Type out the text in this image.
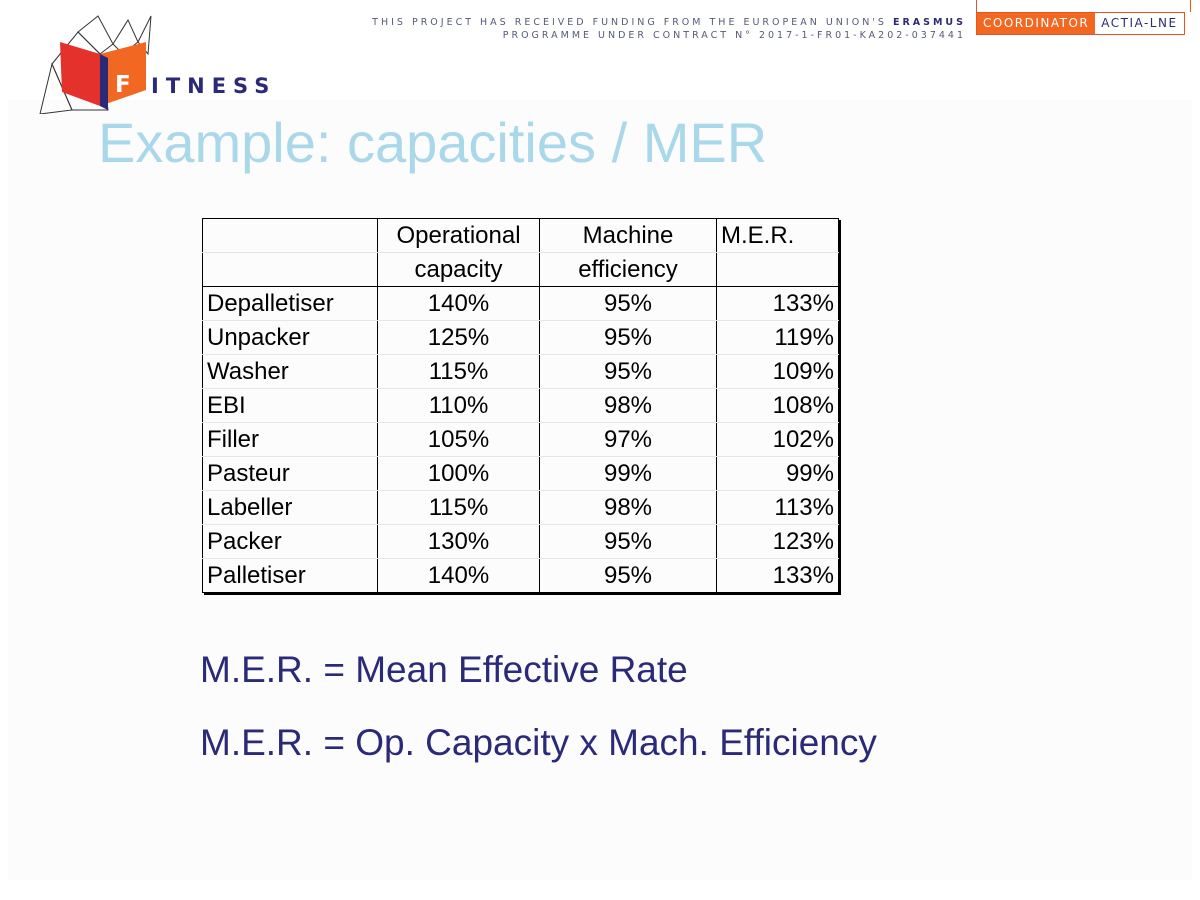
F ITNESS
THIS PROJECT HAS RECEIVED FUNDING FROM THE EUROPEAN UNION'S ERASMUS
PROGRAMME UNDER CONTRACT N° 2017-1-FR01-KA202-037441
COORDINATOR	ACTIA-LNE
Example: capacities / MER
	Operational	Machine	M.E.R.
	capacity	efficiency	
Depalletiser	140%	95%	133%
Unpacker	125%	95%	119%
Washer	115%	95%	109%
EBI	110%	98%	108%
Filler	105%	97%	102%
Pasteur	100%	99%	99%
Labeller	115%	98%	113%
Packer	130%	95%	123%
Palletiser	140%	95%	133%
M.E.R. = Mean Effective Rate
M.E.R. = Op. Capacity x Mach. Efficiency
